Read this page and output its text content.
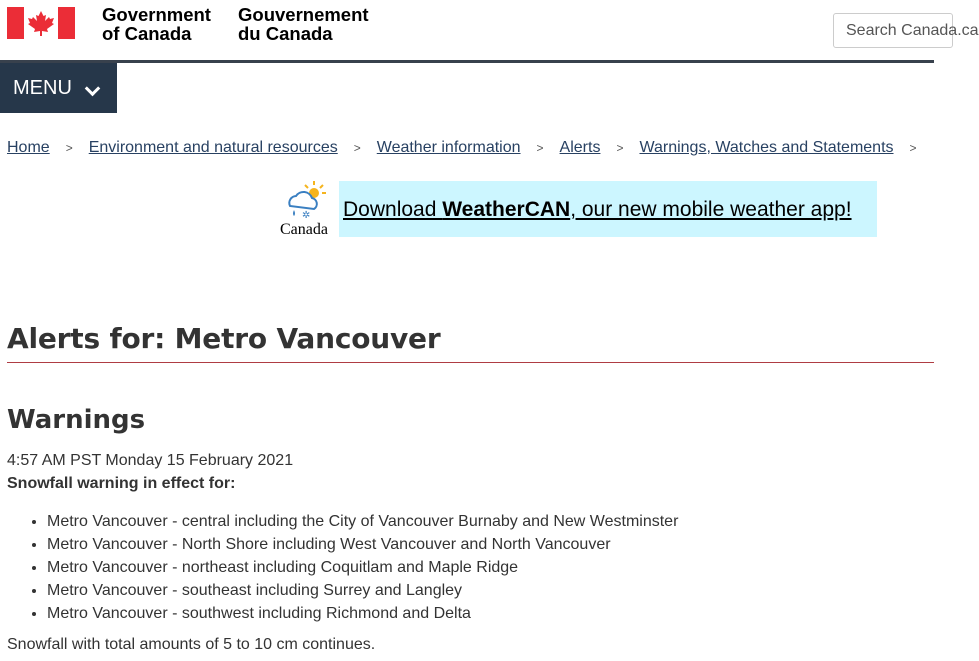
Government
of Canada
Gouvernement
du Canada	Search Canada.ca
MENU
Home > Environment and natural resources > Weather information > Alerts > Warnings, Watches and Statements >
✲
Canada
Download WeatherCAN, our new mobile weather app!
Alerts for: Metro Vancouver
Warnings
4:57 AM PST Monday 15 February 2021
Snowfall warning in effect for:
• Metro Vancouver - central including the City of Vancouver Burnaby and New Westminster
• Metro Vancouver - North Shore including West Vancouver and North Vancouver
• Metro Vancouver - northeast including Coquitlam and Maple Ridge
• Metro Vancouver - southeast including Surrey and Langley
• Metro Vancouver - southwest including Richmond and Delta
Snowfall with total amounts of 5 to 10 cm continues.
